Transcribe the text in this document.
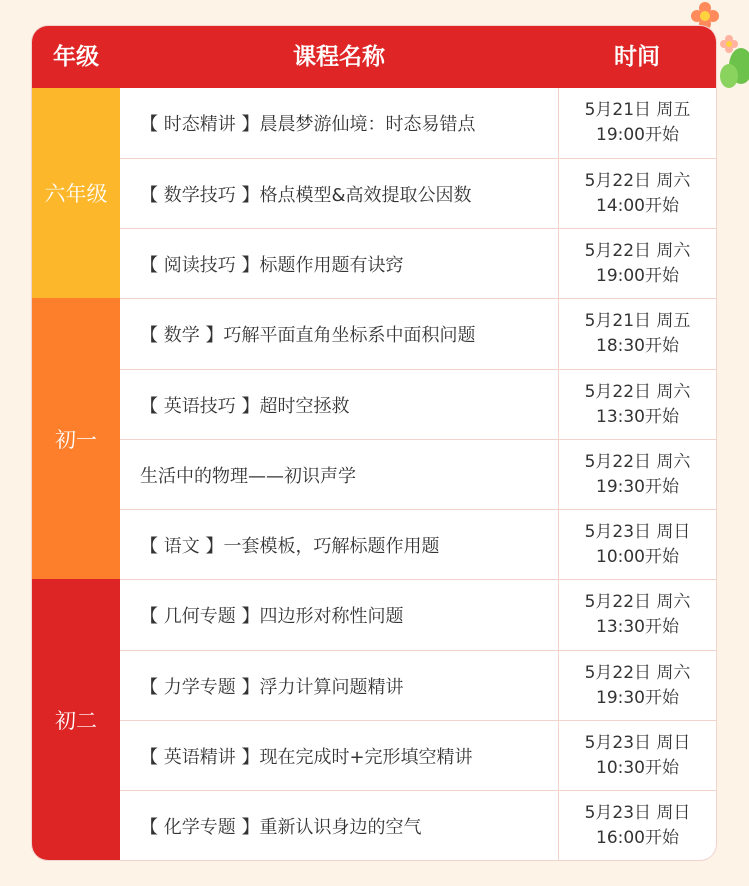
年级	课程名称	时间
六年级
初一
初二
【 时态精讲 】晨晨梦游仙境：时态易错点
5月21日 周五
19:00开始
【 数学技巧 】格点模型&高效提取公因数
5月22日 周六
14:00开始
【 阅读技巧 】标题作用题有诀窍
5月22日 周六
19:00开始
【 数学 】巧解平面直角坐标系中面积问题
5月21日 周五
18:30开始
【 英语技巧 】超时空拯救
5月22日 周六
13:30开始
生活中的物理——初识声学
5月22日 周六
19:30开始
【 语文 】一套模板，巧解标题作用题
5月23日 周日
10:00开始
【 几何专题 】四边形对称性问题
5月22日 周六
13:30开始
【 力学专题 】浮力计算问题精讲
5月22日 周六
19:30开始
【 英语精讲 】现在完成时+完形填空精讲
5月23日 周日
10:30开始
【 化学专题 】重新认识身边的空气
5月23日 周日
16:00开始
